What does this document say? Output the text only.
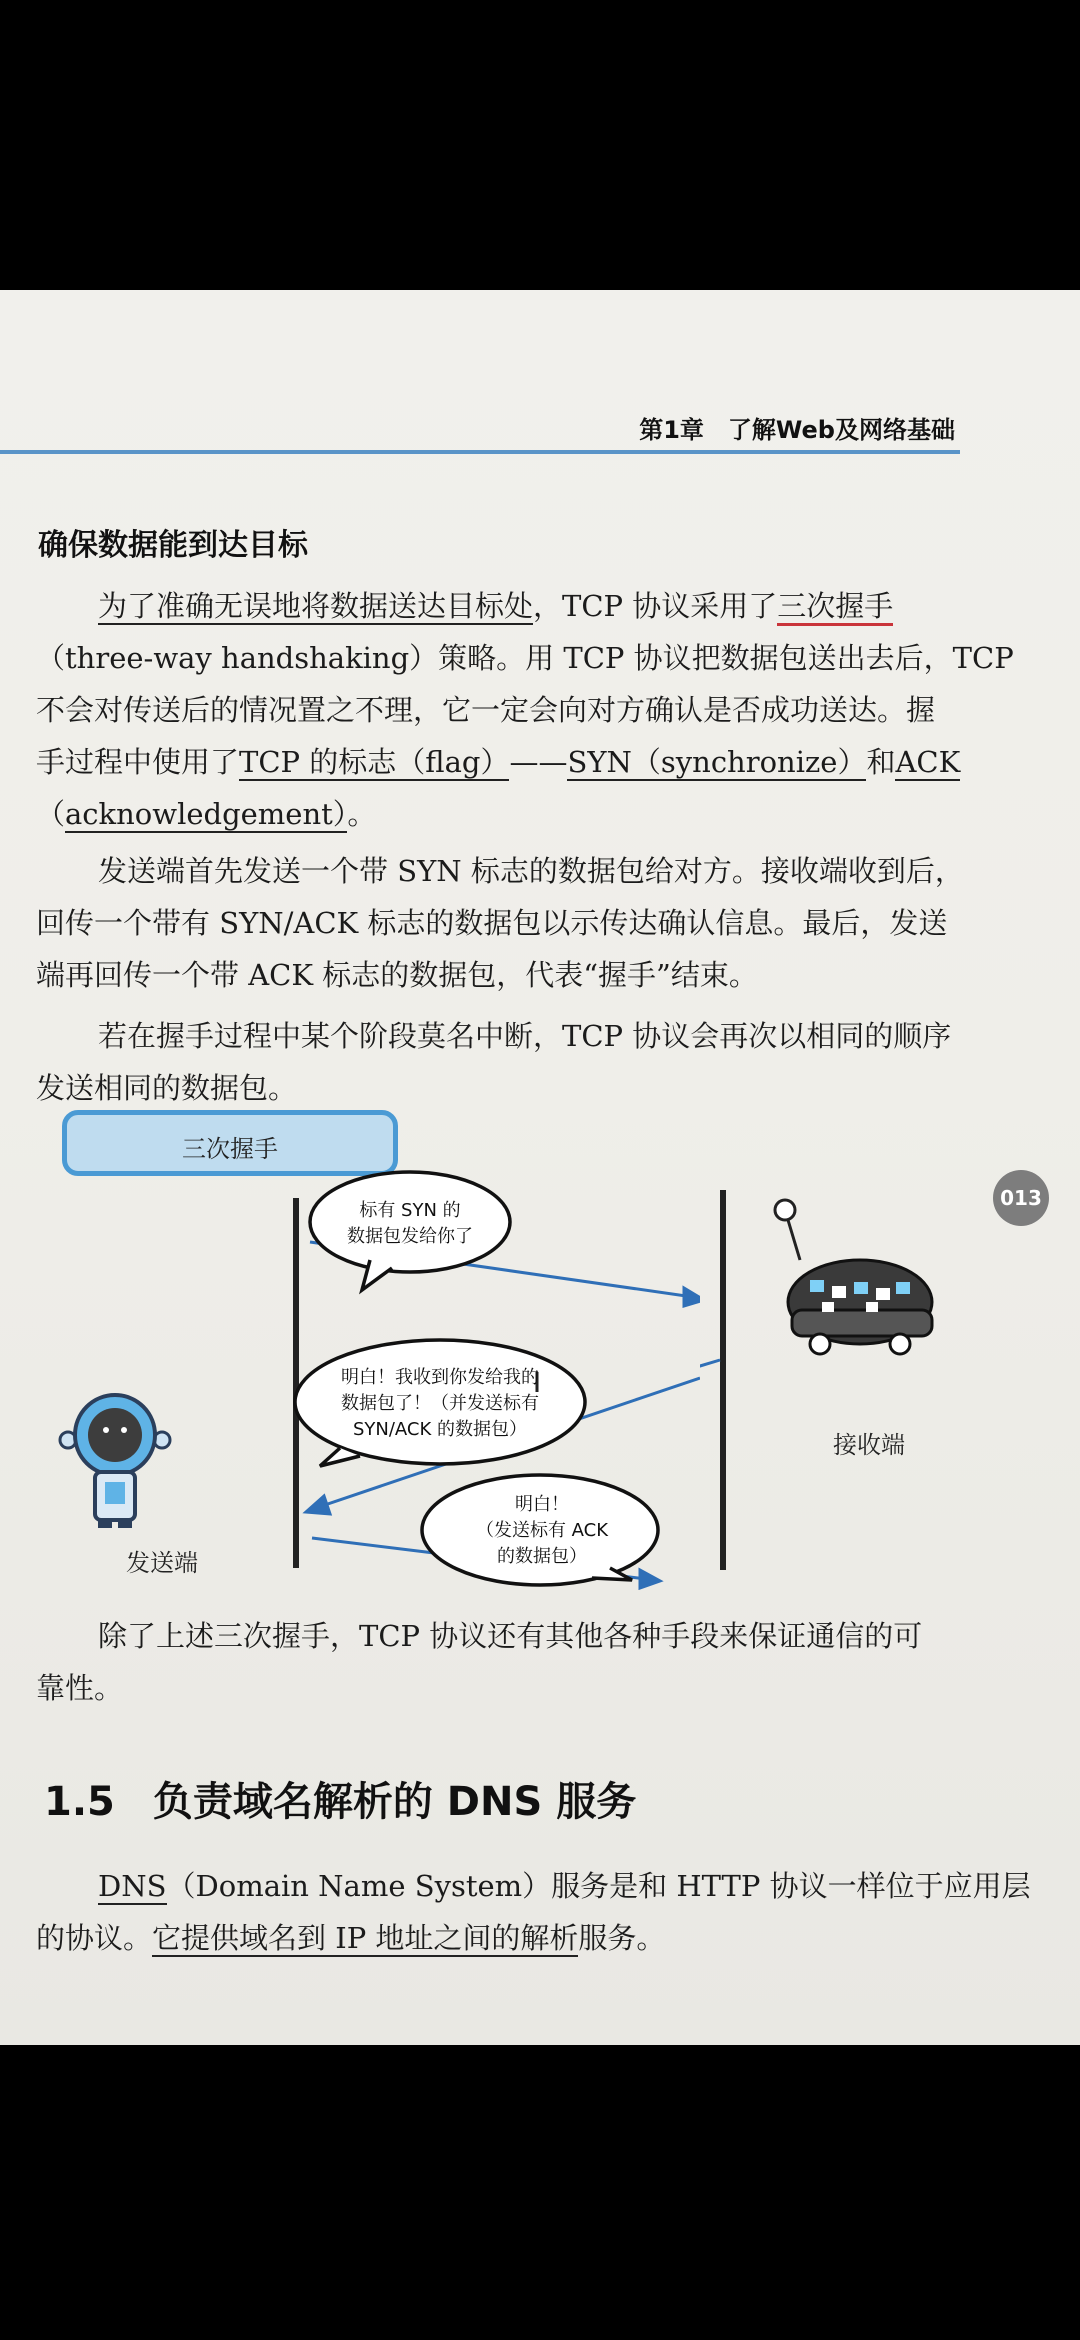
第1章　了解Web及网络基础
确保数据能到达目标

为了准确无误地将数据送达目标处，TCP 协议采用了三次握手

（three-way handshaking）策略。用 TCP 协议把数据包送出去后，TCP

不会对传送后的情况置之不理，它一定会向对方确认是否成功送达。握

手过程中使用了TCP 的标志（flag）——SYN（synchronize）和ACK

（acknowledgement）。

发送端首先发送一个带 SYN 标志的数据包给对方。接收端收到后，

回传一个带有 SYN/ACK 标志的数据包以示传达确认信息。最后，发送

端再回传一个带 ACK 标志的数据包，代表“握手”结束。

若在握手过程中某个阶段莫名中断，TCP 协议会再次以相同的顺序

发送相同的数据包。

013
三次握手
标有 SYN 的
数据包发给你了
明白！我收到你发给我的
数据包了！（并发送标有
SYN/ACK 的数据包）
明白！
（发送标有 ACK
的数据包）
发送端
接收端

除了上述三次握手，TCP 协议还有其他各种手段来保证通信的可

靠性。

1.5 负责域名解析的 DNS 服务

DNS（Domain Name System）服务是和 HTTP 协议一样位于应用层

的协议。它提供域名到 IP 地址之间的解析服务。
